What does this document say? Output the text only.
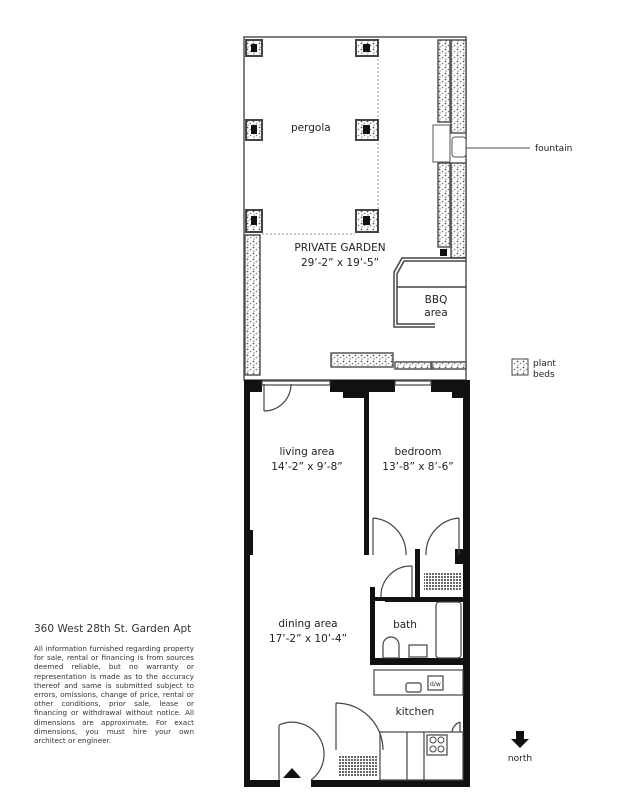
pergola
PRIVATE GARDEN
29’-2” x 19’-5”
BBQ
area
fountain
plant
beds
living area
14’-2” x 9’-8”
bedroom
13’-8” x 8’-6”
dining area
17’-2” x 10’-4”
bath
kitchen
d/w
north
360 West 28th St. Garden Apt

All information furnished regarding property for sale, rental or financing is from sources deemed reliable, but no warranty or representation is made as to the accuracy thereof and same is submitted subject to errors, omissions, change of price, rental or other conditions, prior sale, lease or financing or withdrawal without notice. All dimensions are approximate. For exact dimensions, you must hire your own architect or engineer.
